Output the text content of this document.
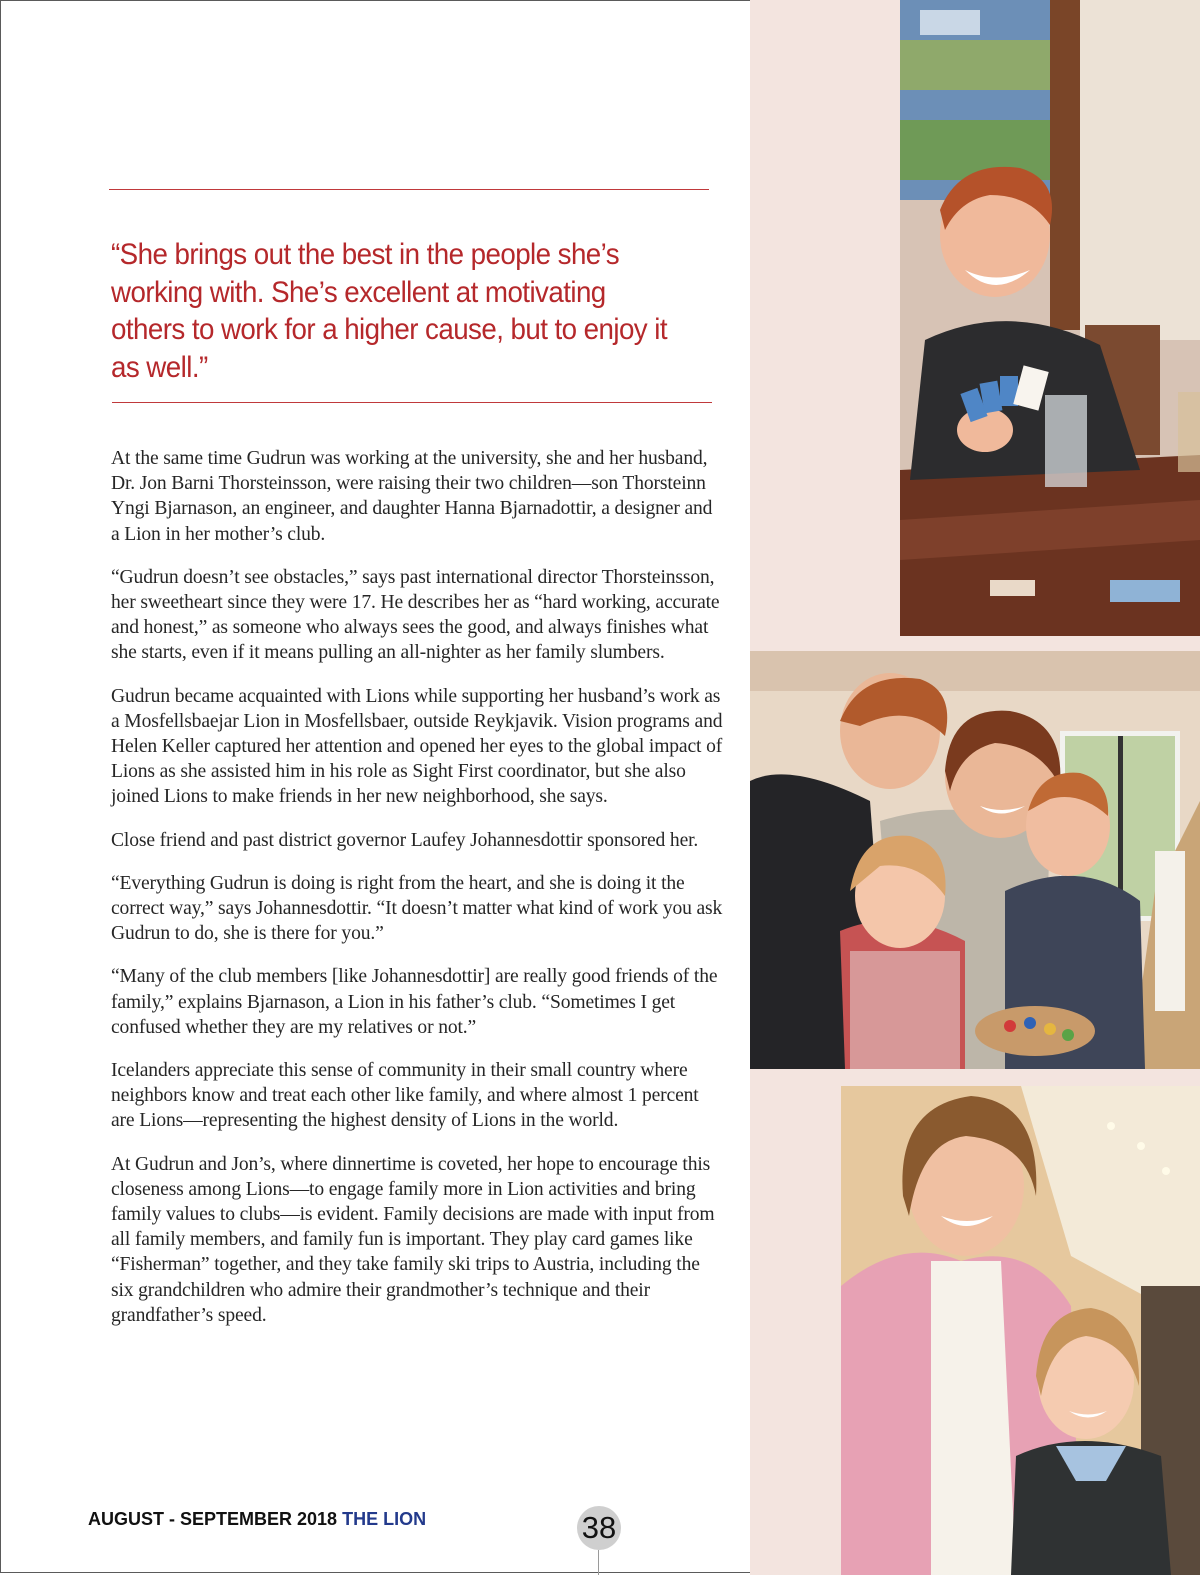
“She brings out the best in the people she’s working with. She’s excellent at motivating others to work for a higher cause, but to enjoy it as well.”

At the same time Gudrun was working at the university, she and her husband, Dr. Jon Barni Thorsteinsson, were raising their two children—son Thorsteinn Yngi Bjarnason, an engineer, and daughter Hanna Bjarnadottir, a designer and a Lion in her mother’s club.

“Gudrun doesn’t see obstacles,” says past international director Thorsteinsson, her sweetheart since they were 17. He describes her as “hard working, accurate and honest,” as someone who always sees the good, and always finishes what she starts, even if it means pulling an all-nighter as her family slumbers.

Gudrun became acquainted with Lions while supporting her husband’s work as a Mosfellsbaejar Lion in Mosfellsbaer, outside Reykjavik. Vision programs and Helen Keller captured her attention and opened her eyes to the global impact of Lions as she assisted him in his role as Sight First coordinator, but she also joined Lions to make friends in her new neighborhood, she says.

Close friend and past district governor Laufey Johannesdottir sponsored her.

“Everything Gudrun is doing is right from the heart, and she is doing it the correct way,” says Johannesdottir. “It doesn’t matter what kind of work you ask Gudrun to do, she is there for you.”

“Many of the club members [like Johannesdottir] are really good friends of the family,” explains Bjarnason, a Lion in his father’s club. “Sometimes I get confused whether they are my relatives or not.”

Icelanders appreciate this sense of community in their small country where neighbors know and treat each other like family, and where almost 1 percent are Lions—representing the highest density of Lions in the world.

At Gudrun and Jon’s, where dinnertime is coveted, her hope to encourage this closeness among Lions—to engage family more in Lion activities and bring family values to clubs—is evident. Family decisions are made with input from all family members, and family fun is important. They play card games like “Fisherman” together, and they take family ski trips to Austria, including the six grandchildren who admire their grandmother’s technique and their grandfather’s speed.

AUGUST - SEPTEMBER 2018 THE LION	38
